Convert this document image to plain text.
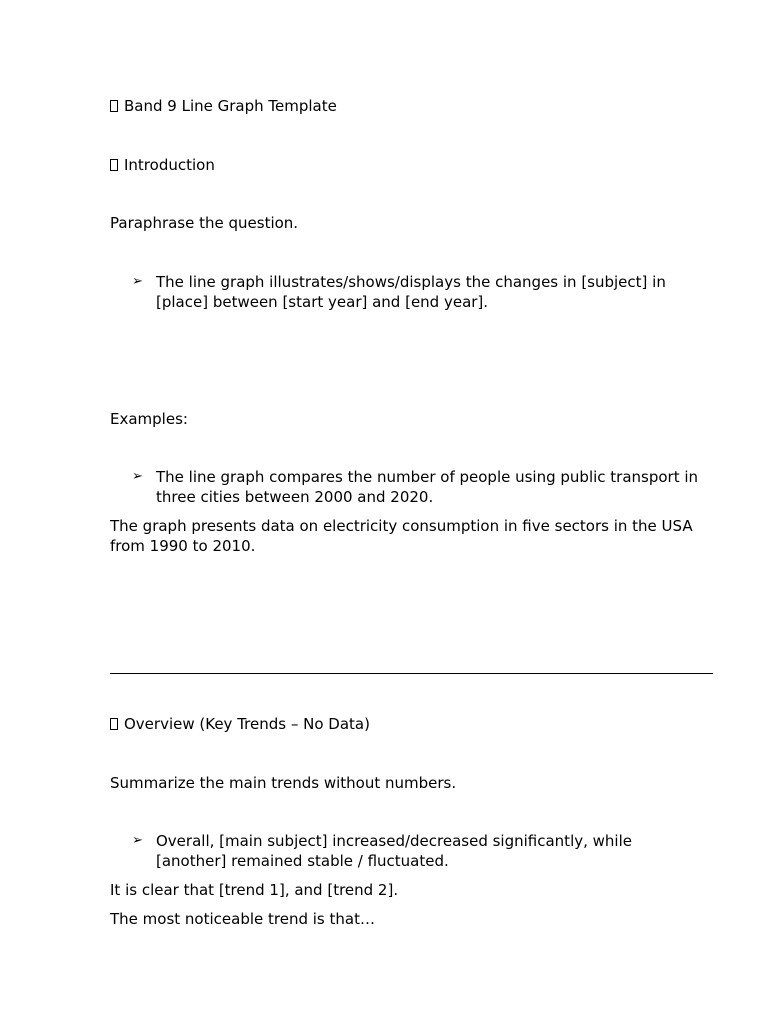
Band 9 Line Graph Template
Introduction
Paraphrase the question.
➢ The line graph illustrates/shows/displays the changes in [subject] in [place] between [start year] and [end year].
Examples:
➢ The line graph compares the number of people using public transport in three cities between 2000 and 2020.
The graph presents data on electricity consumption in five sectors in the USA from 1990 to 2010.
Overview (Key Trends – No Data)
Summarize the main trends without numbers.
➢ Overall, [main subject] increased/decreased significantly, while [another] remained stable / fluctuated.
It is clear that [trend 1], and [trend 2].
The most noticeable trend is that…
